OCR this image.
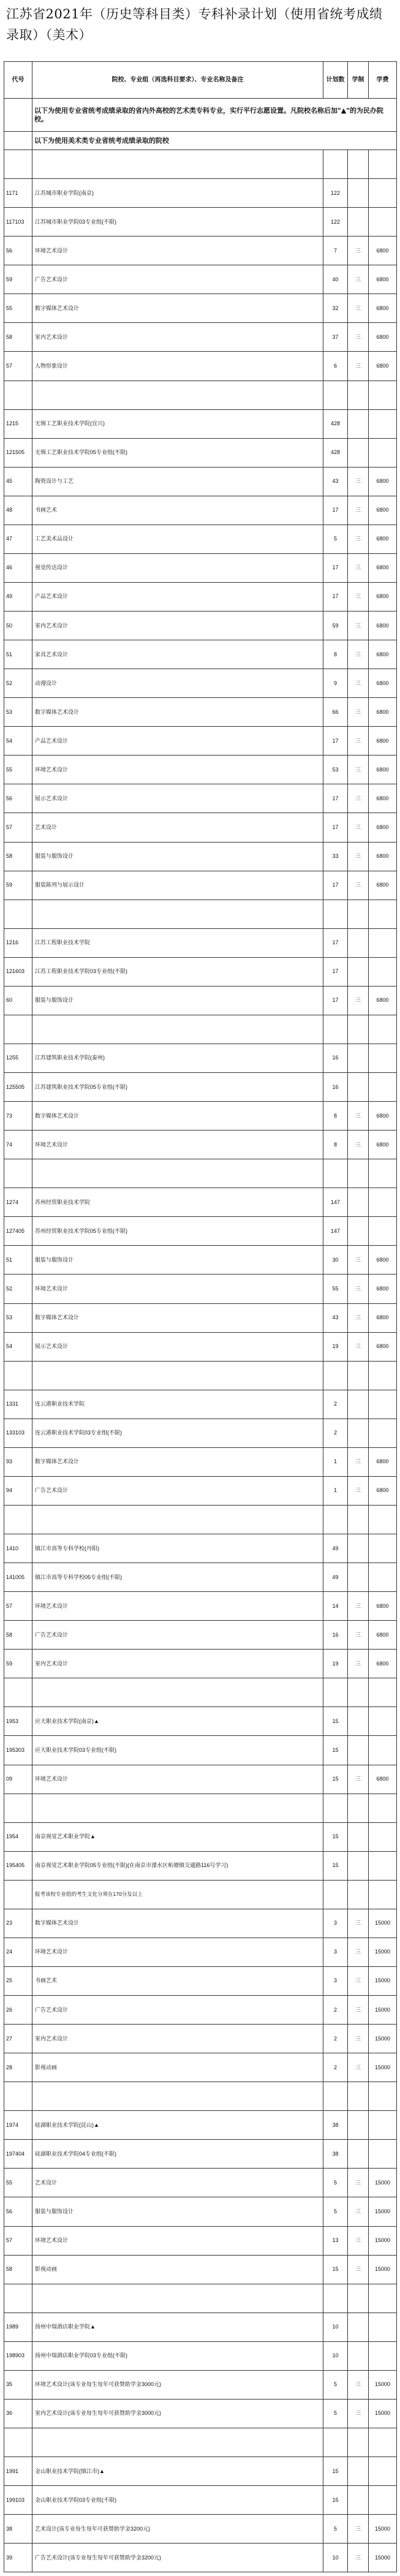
江苏省2021年（历史等科目类）专科补录计划（使用省统考成绩录取）（美术）
代号	院校、专业组（再选科目要求）、专业名称及备注	计划数	学制	学费
	以下为使用专业省统考成绩录取的省内外高校的艺术类专科专业，实行平行志愿设置。凡院校名称后加"▲"的为民办院校。			
	以下为使用美术类专业省统考成绩录取的院校			

1171	江苏城市职业学院(南京)	122		
117103	江苏城市职业学院03专业组(不限)	122		
56	环境艺术设计	7	三	6800
59	广告艺术设计	40	三	6800
55	数字媒体艺术设计	32	三	6800
58	室内艺术设计	37	三	6800
57	人物形象设计	6	三	6800

1215	无锡工艺职业技术学院(宜兴)	428		
121505	无锡工艺职业技术学院05专业组(不限)	428		
45	陶瓷设计与工艺	43	三	6800
48	书画艺术	17	三	6800
47	工艺美术品设计	5	三	6800
46	视觉传达设计	17	三	6800
49	产品艺术设计	17	三	6800
50	室内艺术设计	59	三	6800
51	家具艺术设计	8	三	6800
52	动漫设计	9	三	6800
53	数字媒体艺术设计	66	三	6800
54	产品艺术设计	17	三	6800
55	环境艺术设计	53	三	6800
56	展示艺术设计	17	三	6800
57	艺术设计	17	三	6800
58	服装与服饰设计	33	三	6800
59	服装陈列与展示设计	17	三	6800

1216	江苏工程职业技术学院	17		
121603	江苏工程职业技术学院03专业组(不限)	17		
60	服装与服饰设计	17	三	6800

1255	江苏建筑职业技术学院(泰州)	16		
125505	江苏建筑职业技术学院05专业组(不限)	16		
73	数字媒体艺术设计	8	三	6800
74	环境艺术设计	8	三	6800

1274	苏州经贸职业技术学院	147		
127405	苏州经贸职业技术学院05专业组(不限)	147		
51	服装与服饰设计	30	三	6800
52	环境艺术设计	55	三	6800
53	数字媒体艺术设计	43	三	6800
54	展示艺术设计	19	三	6800

1331	连云港职业技术学院	2		
133103	连云港职业技术学院03专业组(不限)	2		
93	数字媒体艺术设计	1	三	6800
94	广告艺术设计	1	三	6800

1410	镇江市高等专科学校(丹阳)	49		
141005	镇江市高等专科学校05专业组(不限)	49		
57	环境艺术设计	14	三	6800
58	广告艺术设计	16	三	6800
59	室内艺术设计	19	三	6800

1953	应天职业技术学院(南京)▲	15		
195303	应天职业技术学院03专业组(不限)	15		
09	环境艺术设计	15	三	6800

1954	南京视觉艺术职业学院▲	15		
195405	南京视觉艺术职业学院05专业组(不限)(在南京市溧水区柘塘镇交通路116号学习)	15		
	报考该校专业组的考生文化分须在170分及以上			
23	数字媒体艺术设计	3	三	15000
24	环境艺术设计	3	三	15000
25	书画艺术	3	三	15000
26	广告艺术设计	2	三	15000
27	室内艺术设计	2	三	15000
28	影视动画	2	三	15000

1974	硅湖职业技术学院(昆山)▲	38		
197404	硅湖职业技术学院04专业组(不限)	38		
55	艺术设计	5	三	15000
56	服装与服饰设计	5	三	15000
57	环境艺术设计	13	三	15000
58	影视动画	15	三	15000

1989	扬州中瑞酒店职业学院▲	10		
198903	扬州中瑞酒店职业学院03专业组(不限)	10		
35	环境艺术设计(该专业每生每年可获赞助学金3000元)	5	三	15000
36	室内艺术设计(该专业每生每年可获赞助学金3000元)	5	三	15000

1991	金山职业技术学院(镇江市)▲	15		
199103	金山职业技术学院03专业组(不限)	15		
38	艺术设计(该专业每生每年可获赞助学金3200元)	5	三	15000
39	广告艺术设计(该专业每生每年可获赞助学金3200元)	10	三	15000
